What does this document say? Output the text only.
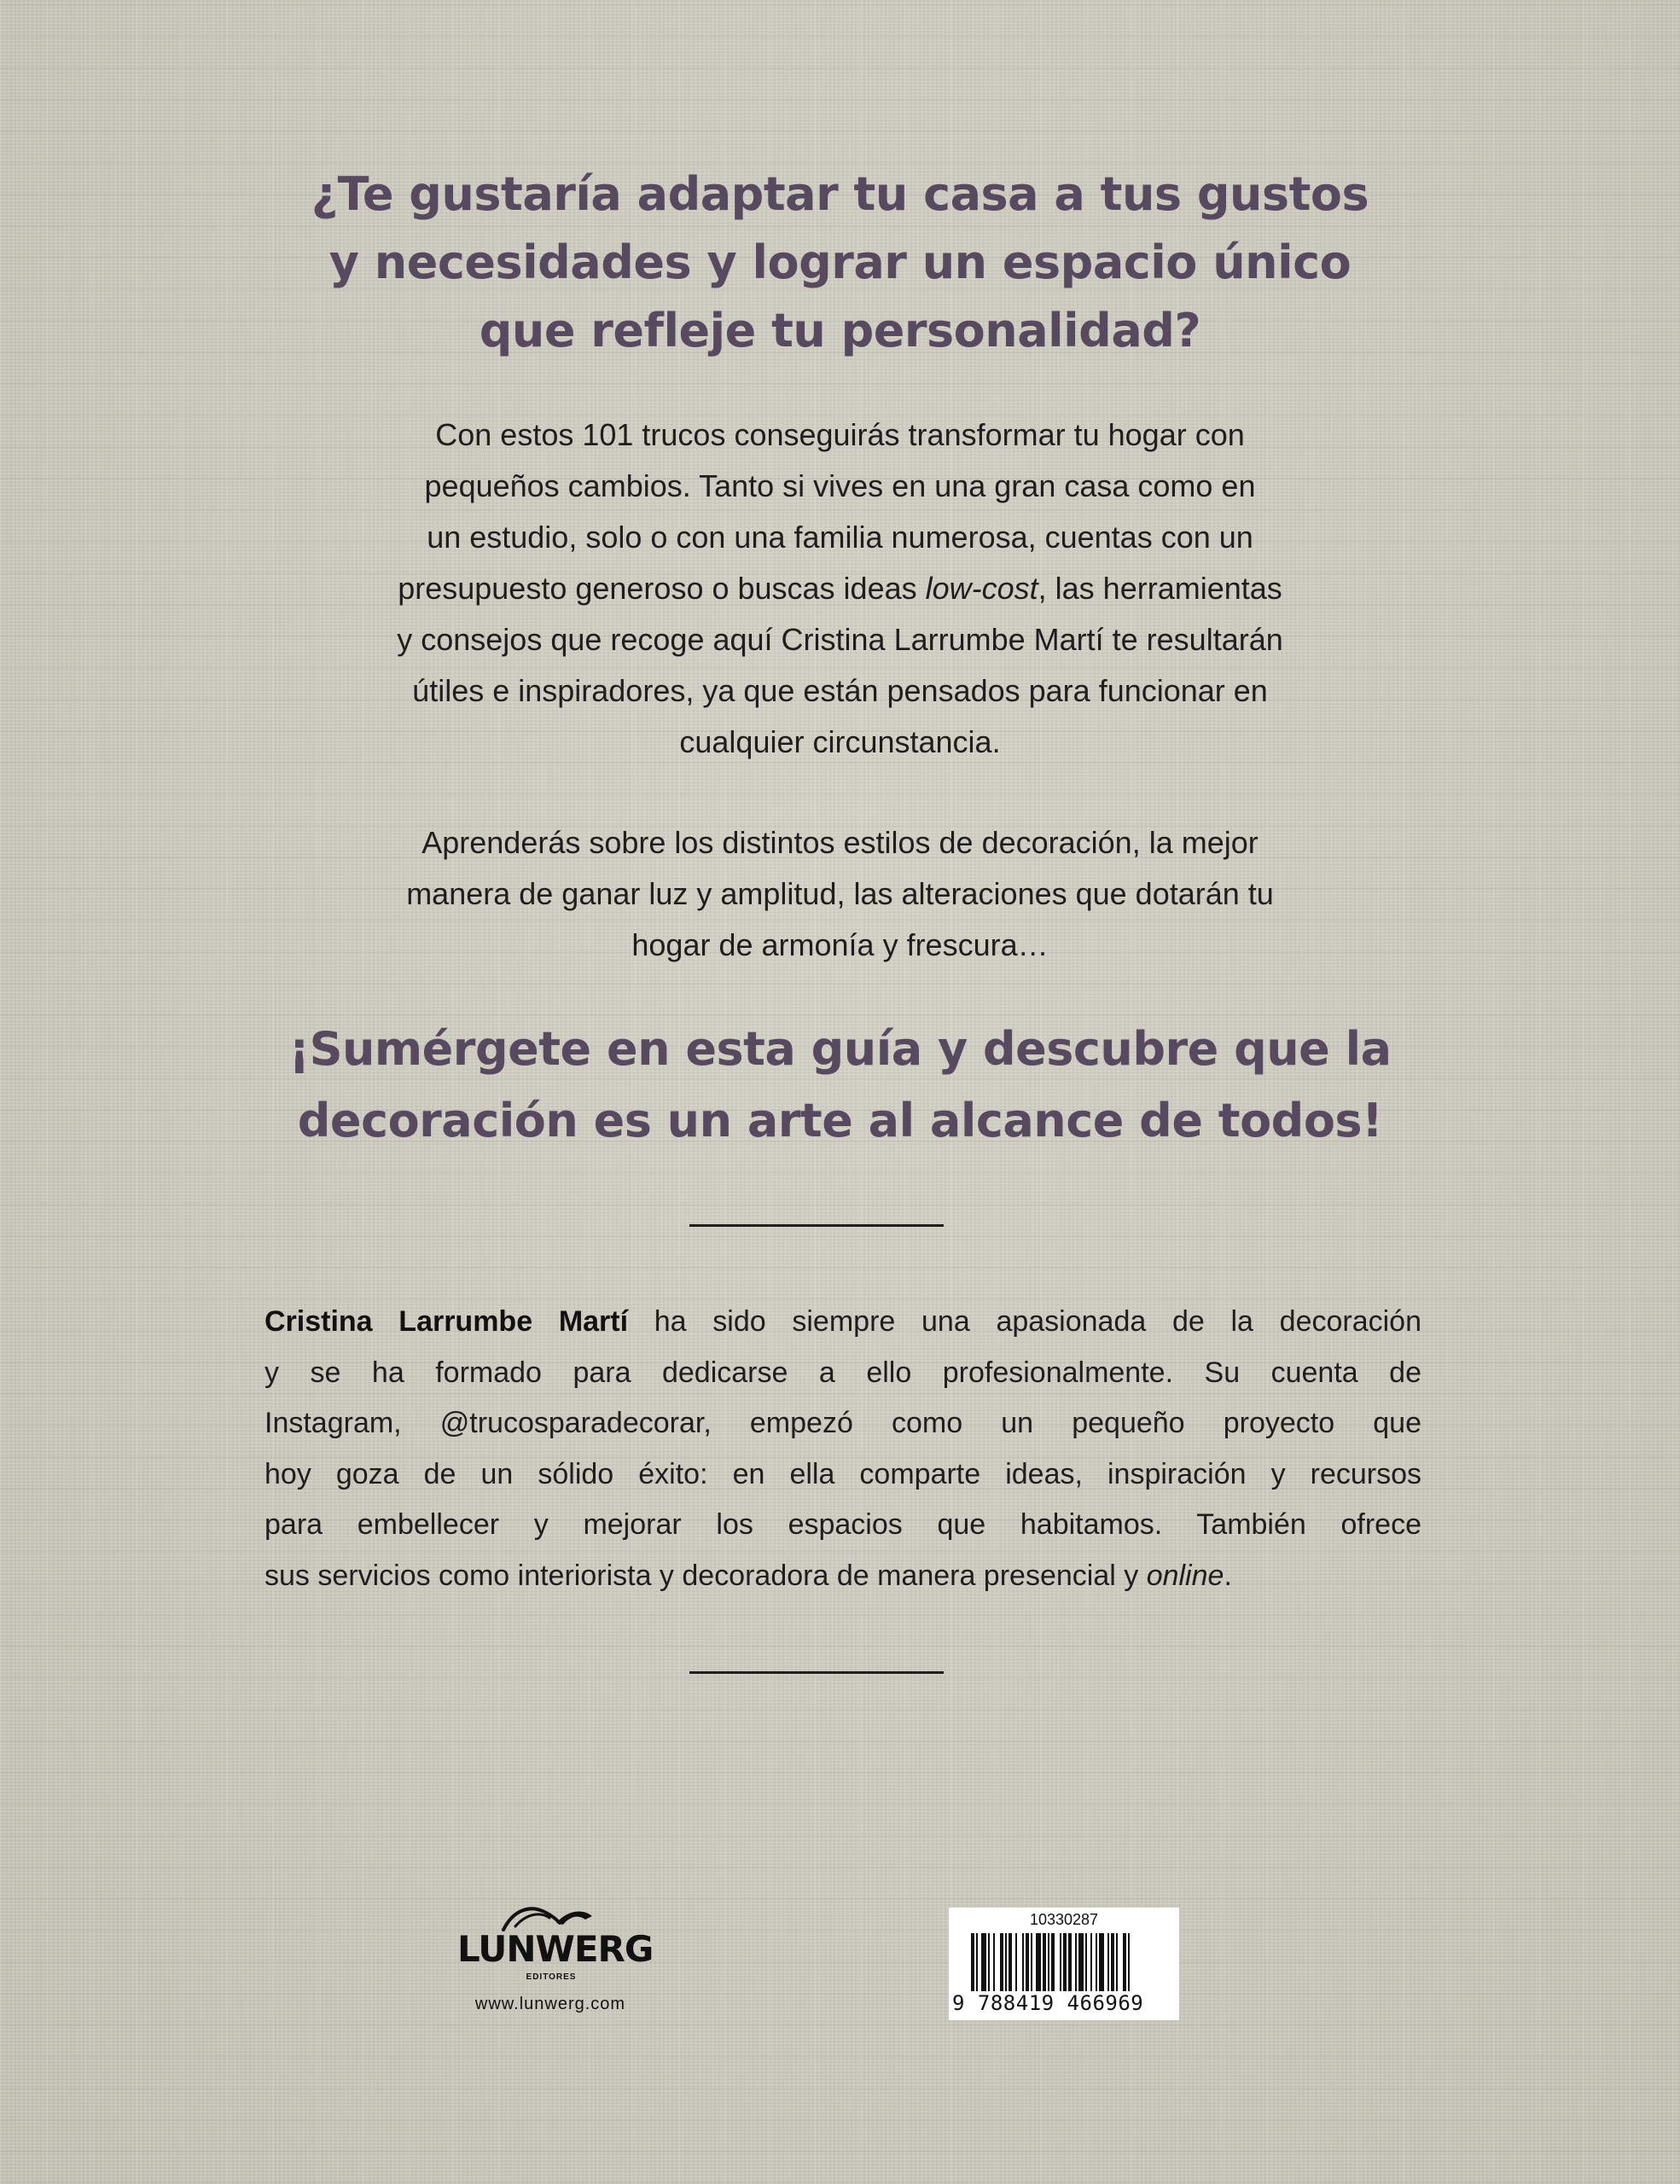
¿Te gustaría adaptar tu casa a tus gustos
y necesidades y lograr un espacio único
que refleje tu personalidad?

Con estos 101 trucos conseguirás transformar tu hogar con
pequeños cambios. Tanto si vives en una gran casa como en
un estudio, solo o con una familia numerosa, cuentas con un
presupuesto generoso o buscas ideas low-cost, las herramientas
y consejos que recoge aquí Cristina Larrumbe Martí te resultarán
útiles e inspiradores, ya que están pensados para funcionar en
cualquier circunstancia.

Aprenderás sobre los distintos estilos de decoración, la mejor
manera de ganar luz y amplitud, las alteraciones que dotarán tu
hogar de armonía y frescura…

¡Sumérgete en esta guía y descubre que la
decoración es un arte al alcance de todos!

Cristina Larrumbe Martí ha sido siempre una apasionada de la decoración
y se ha formado para dedicarse a ello profesionalmente. Su cuenta de
Instagram, @trucosparadecorar, empezó como un pequeño proyecto que
hoy goza de un sólido éxito: en ella comparte ideas, inspiración y recursos
para embellecer y mejorar los espacios que habitamos. También ofrece
sus servicios como interiorista y decoradora de manera presencial y online.

LUNWERG
EDITORES
www.lunwerg.com
10330287
9 788419 466969
